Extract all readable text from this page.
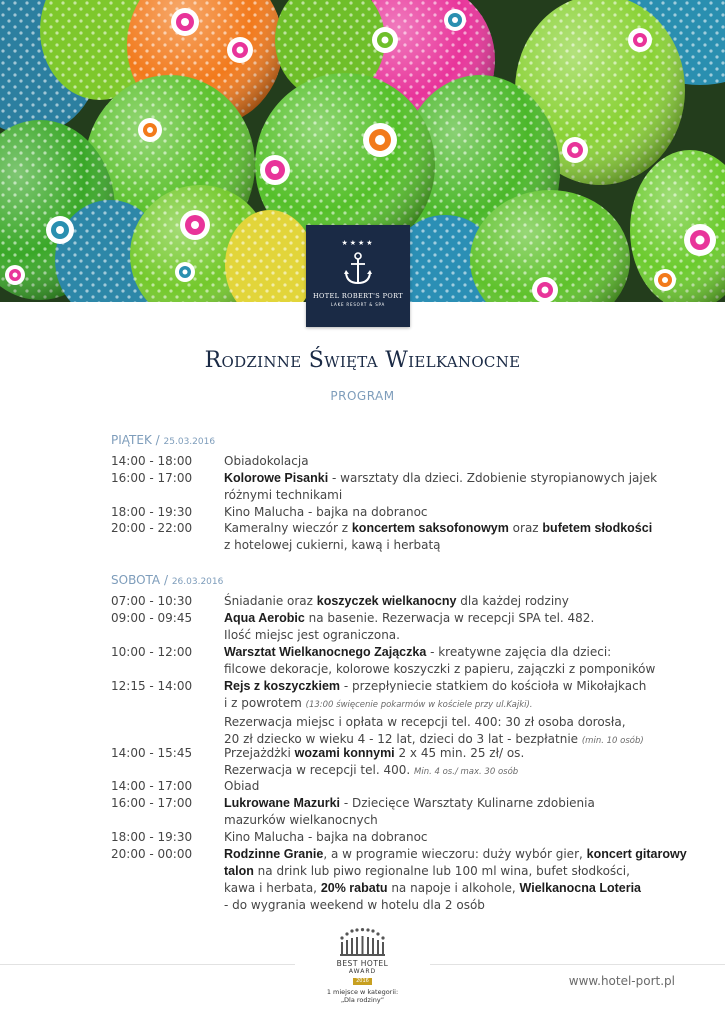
★★★★
HOTEL ROBERT'S PORT
LAKE RESORT & SPA
Rodzinne Święta Wielkanocne
PROGRAM
PIĄTEK / 25.03.2016
14:00 - 18:00	Obiadokolacja
16:00 - 17:00	Kolorowe Pisanki - warsztaty dla dzieci. Zdobienie styropianowych jajek
różnymi technikami
18:00 - 19:30	Kino Malucha - bajka na dobranoc
20:00 - 22:00	Kameralny wieczór z koncertem saksofonowym oraz bufetem słodkości
z hotelowej cukierni, kawą i herbatą
SOBOTA / 26.03.2016
07:00 - 10:30	Śniadanie oraz koszyczek wielkanocny dla każdej rodziny
09:00 - 09:45	Aqua Aerobic na basenie. Rezerwacja w recepcji SPA tel. 482.
Ilość miejsc jest ograniczona.
10:00 - 12:00	Warsztat Wielkanocnego Zajączka - kreatywne zajęcia dla dzieci:
filcowe dekoracje, kolorowe koszyczki z papieru, zajączki z pomponików
12:15 - 14:00	Rejs z koszyczkiem - przepłyniecie statkiem do kościoła w Mikołajkach
i z powrotem (13:00 święcenie pokarmów w kościele przy ul.Kajki).
Rezerwacja miejsc i opłata w recepcji tel. 400: 30 zł osoba dorosła,
20 zł dziecko w wieku 4 - 12 lat, dzieci do 3 lat - bezpłatnie (min. 10 osób)
14:00 - 15:45	Przejażdżki wozami konnymi 2 x 45 min. 25 zł/ os.
Rezerwacja w recepcji tel. 400. Min. 4 os./ max. 30 osób
14:00 - 17:00	Obiad
16:00 - 17:00	Lukrowane Mazurki - Dziecięce Warsztaty Kulinarne zdobienia
mazurków wielkanocnych
18:00 - 19:30	Kino Malucha - bajka na dobranoc
20:00 - 00:00	Rodzinne Granie, a w programie wieczoru: duży wybór gier, koncert gitarowy
talon na drink lub piwo regionalne lub 100 ml wina, bufet słodkości,
kawa i herbata, 20% rabatu na napoje i alkohole, Wielkanocna Loteria
- do wygrania weekend w hotelu dla 2 osób
BEST HOTEL
AWARD
2016
1 miejsce w kategorii:
„Dla rodziny”
www.hotel-port.pl
